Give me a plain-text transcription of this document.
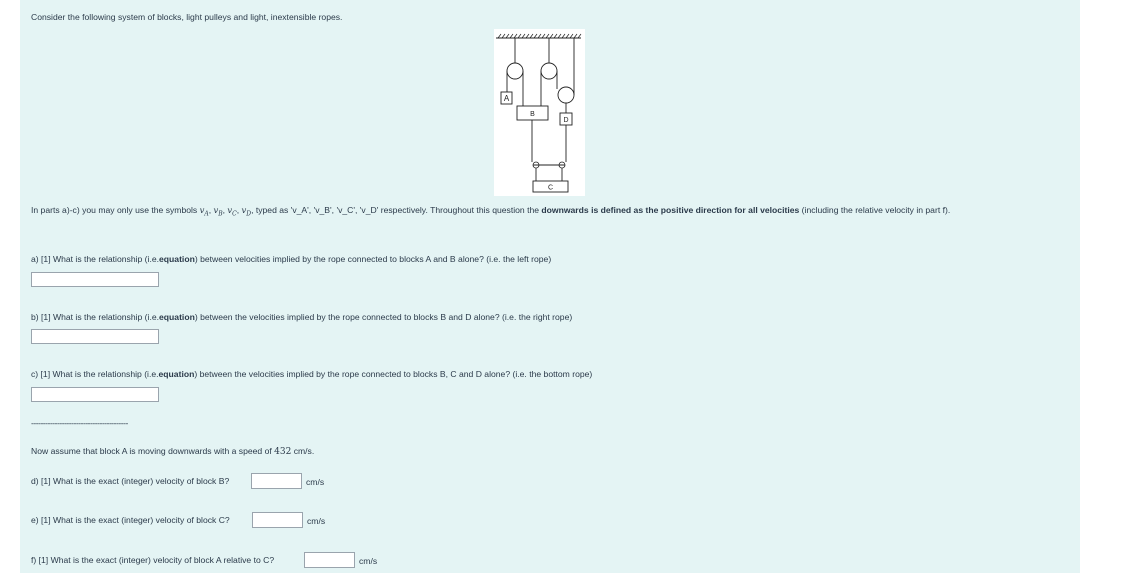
Consider the following system of blocks, light pulleys and light, inextensible ropes.
A
B
D
C
In parts a)-c) you may only use the symbols $v_A$, $v_B$, $v_C$, $v_D$, typed as 'v_A', 'v_B', 'v_C', 'v_D' respectively. Throughout this question the downwards is defined as the positive direction for all velocities (including the relative velocity in part f).
a) [1] What is the relationship (i.e.equation) between velocities implied by the rope connected to blocks A and B alone? (i.e. the left rope)
b) [1] What is the relationship (i.e.equation) between the velocities implied by the rope connected to blocks B and D alone? (i.e. the right rope)
c) [1] What is the relationship (i.e.equation) between the velocities implied by the rope connected to blocks B, C and D alone? (i.e. the bottom rope)
-----------------------------------------
Now assume that block A is moving downwards with a speed of 432 cm/s.
d) [1] What is the exact (integer) velocity of block B?	cm/s
e) [1] What is the exact (integer) velocity of block C?	cm/s
f) [1] What is the exact (integer) velocity of block A relative to C?	cm/s
